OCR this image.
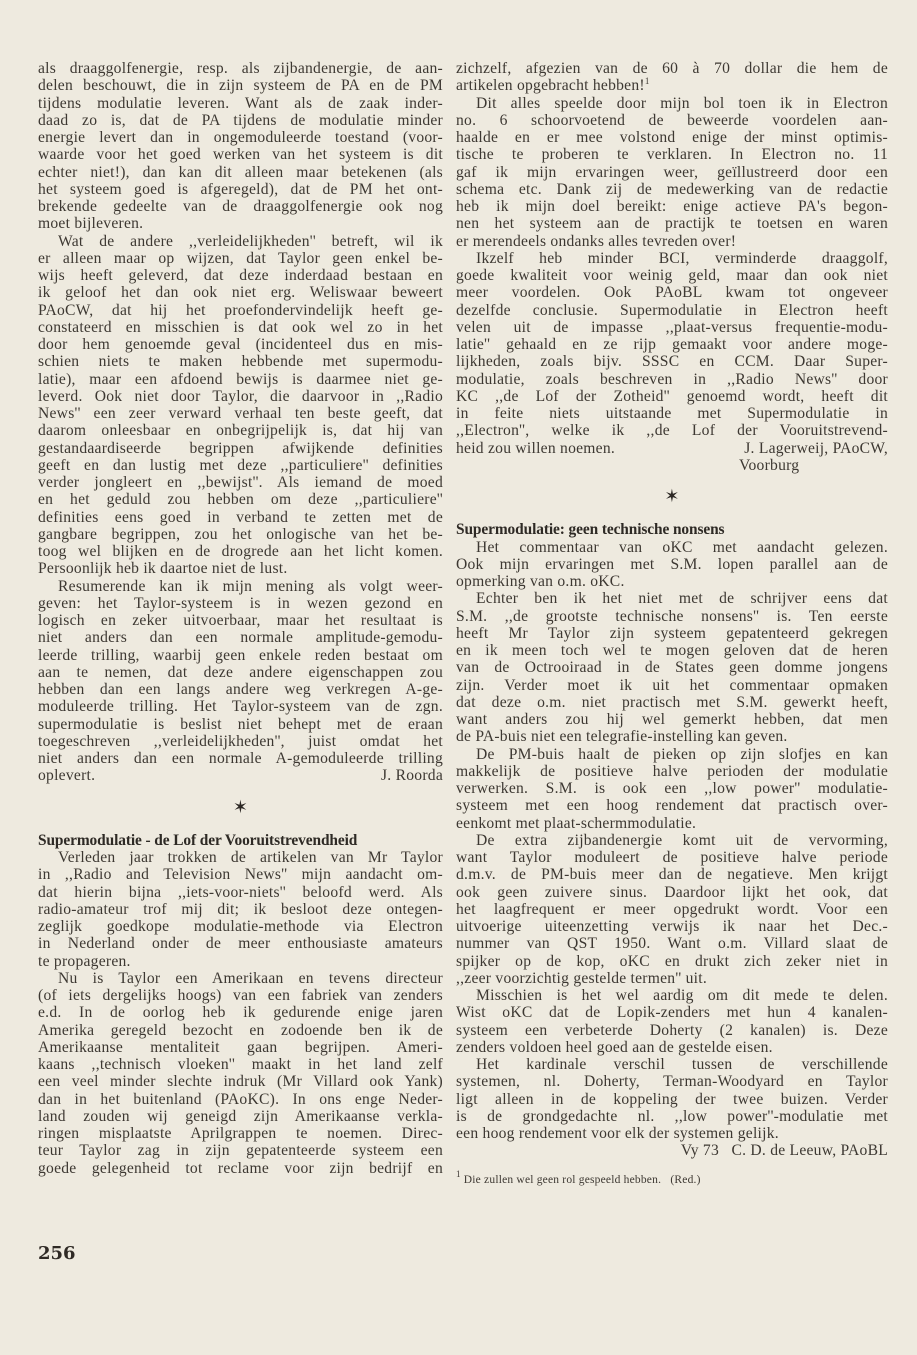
als draaggolfenergie, resp. als zijbandenergie, de aan-
delen beschouwt, die in zijn systeem de PA en de PM
tijdens modulatie leveren. Want als de zaak inder-
daad zo is, dat de PA tijdens de modulatie minder
energie levert dan in ongemoduleerde toestand (voor-
waarde voor het goed werken van het systeem is dit
echter niet!), dan kan dit alleen maar betekenen (als
het systeem goed is afgeregeld), dat de PM het ont-
brekende gedeelte van de draaggolfenergie ook nog
moet bijleveren.
Wat de andere ,,verleidelijkheden'' betreft, wil ik
er alleen maar op wijzen, dat Taylor geen enkel be-
wijs heeft geleverd, dat deze inderdaad bestaan en
ik geloof het dan ook niet erg. Weliswaar beweert
PAoCW, dat hij het proefondervindelijk heeft ge-
constateerd en misschien is dat ook wel zo in het
door hem genoemde geval (incidenteel dus en mis-
schien niets te maken hebbende met supermodu-
latie), maar een afdoend bewijs is daarmee niet ge-
leverd. Ook niet door Taylor, die daarvoor in ,,Radio
News'' een zeer verward verhaal ten beste geeft, dat
daarom onleesbaar en onbegrijpelijk is, dat hij van
gestandaardiseerde begrippen afwijkende definities
geeft en dan lustig met deze ,,particuliere'' definities
verder jongleert en ,,bewijst''. Als iemand de moed
en het geduld zou hebben om deze ,,particuliere''
definities eens goed in verband te zetten met de
gangbare begrippen, zou het onlogische van het be-
toog wel blijken en de drogrede aan het licht komen.
Persoonlijk heb ik daartoe niet de lust.
Resumerende kan ik mijn mening als volgt weer-
geven: het Taylor-systeem is in wezen gezond en
logisch en zeker uitvoerbaar, maar het resultaat is
niet anders dan een normale amplitude-gemodu-
leerde trilling, waarbij geen enkele reden bestaat om
aan te nemen, dat deze andere eigenschappen zou
hebben dan een langs andere weg verkregen A-ge-
moduleerde trilling. Het Taylor-systeem van de zgn.
supermodulatie is beslist niet behept met de eraan
toegeschreven ,,verleidelijkheden'', juist omdat het
niet anders dan een normale A-gemoduleerde trilling
oplevert.	J. Roorda
✶
Supermodulatie - de Lof der Vooruitstrevendheid
Verleden jaar trokken de artikelen van Mr Taylor
in ,,Radio and Television News'' mijn aandacht om-
dat hierin bijna ,,iets-voor-niets'' beloofd werd. Als
radio-amateur trof mij dit; ik besloot deze ontegen-
zeglijk goedkope modulatie-methode via Electron
in Nederland onder de meer enthousiaste amateurs
te propageren.
Nu is Taylor een Amerikaan en tevens directeur
(of iets dergelijks hoogs) van een fabriek van zenders
e.d. In de oorlog heb ik gedurende enige jaren
Amerika geregeld bezocht en zodoende ben ik de
Amerikaanse mentaliteit gaan begrijpen. Ameri-
kaans ,,technisch vloeken'' maakt in het land zelf
een veel minder slechte indruk (Mr Villard ook Yank)
dan in het buitenland (PAoKC). In ons enge Neder-
land zouden wij geneigd zijn Amerikaanse verkla-
ringen misplaatste Aprilgrappen te noemen. Direc-
teur Taylor zag in zijn gepatenteerde systeem een
goede gelegenheid tot reclame voor zijn bedrijf en
zichzelf, afgezien van de 60 à 70 dollar die hem de
artikelen opgebracht hebben!$^1$
Dit alles speelde door mijn bol toen ik in Electron
no. 6 schoorvoetend de beweerde voordelen aan-
haalde en er mee volstond enige der minst optimis-
tische te proberen te verklaren. In Electron no. 11
gaf ik mijn ervaringen weer, geïllustreerd door een
schema etc. Dank zij de medewerking van de redactie
heb ik mijn doel bereikt: enige actieve PA's begon-
nen het systeem aan de practijk te toetsen en waren
er merendeels ondanks alles tevreden over!
Ikzelf heb minder BCI, verminderde draaggolf,
goede kwaliteit voor weinig geld, maar dan ook niet
meer voordelen. Ook PAoBL kwam tot ongeveer
dezelfde conclusie. Supermodulatie in Electron heeft
velen uit de impasse ,,plaat-versus frequentie-modu-
latie'' gehaald en ze rijp gemaakt voor andere moge-
lijkheden, zoals bijv. SSSC en CCM. Daar Super-
modulatie, zoals beschreven in ,,Radio News'' door
KC ,,de Lof der Zotheid'' genoemd wordt, heeft dit
in feite niets uitstaande met Supermodulatie in
,,Electron'', welke ik ,,de Lof der Vooruitstrevend-
heid zou willen noemen.	J. Lagerweij, PAoCW,
Voorburg
✶
Supermodulatie: geen technische nonsens
Het commentaar van oKC met aandacht gelezen.
Ook mijn ervaringen met S.M. lopen parallel aan de
opmerking van o.m. oKC.
Echter ben ik het niet met de schrijver eens dat
S.M. ,,de grootste technische nonsens'' is. Ten eerste
heeft Mr Taylor zijn systeem gepatenteerd gekregen
en ik meen toch wel te mogen geloven dat de heren
van de Octrooiraad in de States geen domme jongens
zijn. Verder moet ik uit het commentaar opmaken
dat deze o.m. niet practisch met S.M. gewerkt heeft,
want anders zou hij wel gemerkt hebben, dat men
de PA-buis niet een telegrafie-instelling kan geven.
De PM-buis haalt de pieken op zijn slofjes en kan
makkelijk de positieve halve perioden der modulatie
verwerken. S.M. is ook een ,,low power'' modulatie-
systeem met een hoog rendement dat practisch over-
eenkomt met plaat-schermmodulatie.
De extra zijbandenergie komt uit de vervorming,
want Taylor moduleert de positieve halve periode
d.m.v. de PM-buis meer dan de negatieve. Men krijgt
ook geen zuivere sinus. Daardoor lijkt het ook, dat
het laagfrequent er meer opgedrukt wordt. Voor een
uitvoerige uiteenzetting verwijs ik naar het Dec.-
nummer van QST 1950. Want o.m. Villard slaat de
spijker op de kop, oKC en drukt zich zeker niet in
,,zeer voorzichtig gestelde termen'' uit.
Misschien is het wel aardig om dit mede te delen.
Wist oKC dat de Lopik-zenders met hun 4 kanalen-
systeem een verbeterde Doherty (2 kanalen) is. Deze
zenders voldoen heel goed aan de gestelde eisen.
Het kardinale verschil tussen de verschillende
systemen, nl. Doherty, Terman-Woodyard en Taylor
ligt alleen in de koppeling der twee buizen. Verder
is de grondgedachte nl. ,,low power''-modulatie met
een hoog rendement voor elk der systemen gelijk.
Vy 73   C. D. de Leeuw, PAoBL
$^1$ Die zullen wel geen rol gespeeld hebben.   (Red.)
256
